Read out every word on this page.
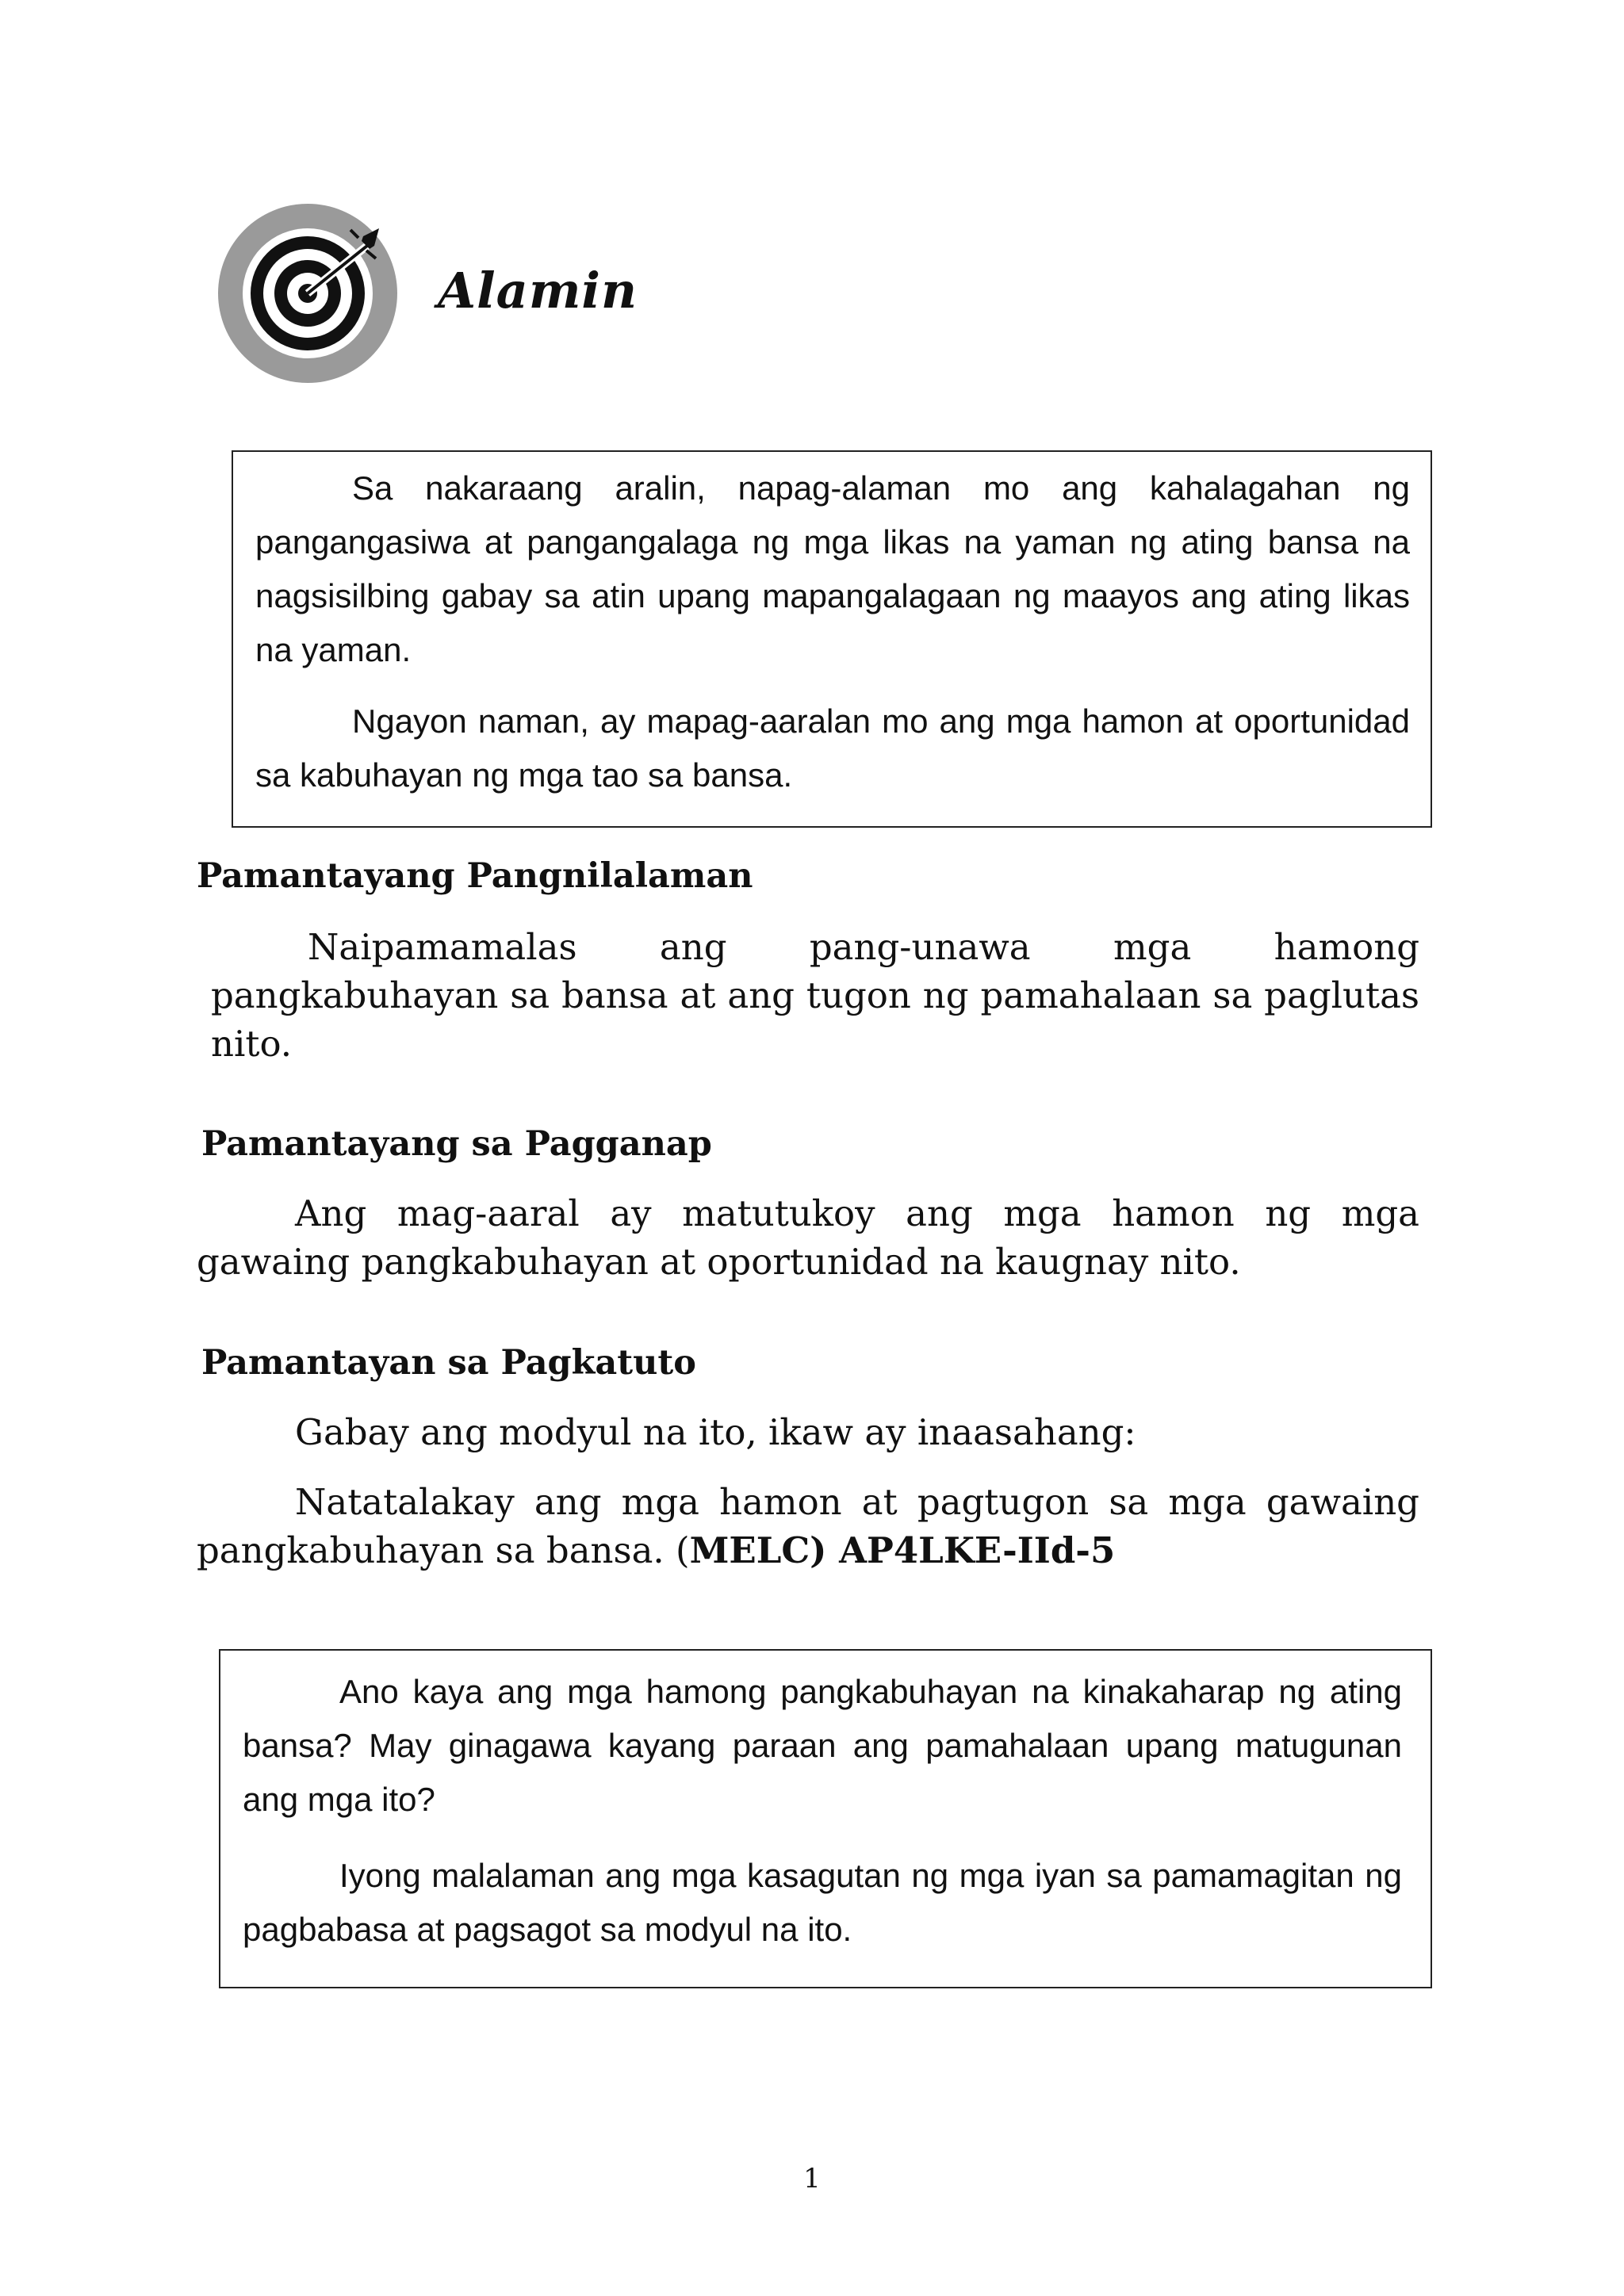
Alamin

Sa nakaraang aralin, napag-alaman mo ang kahalagahan ng pangangasiwa at pangangalaga ng mga likas na yaman ng ating bansa na nagsisilbing gabay sa atin upang mapangalagaan ng maayos ang ating likas na yaman.

Ngayon naman, ay mapag-aaralan mo ang mga hamon at oportunidad sa kabuhayan ng mga tao sa bansa.

Pamantayang Pangnilalaman

Naipamamalas ang pang-unawa mga hamong pangkabuhayan sa bansa at ang tugon ng pamahalaan sa paglutas nito.

Pamantayang sa Pagganap

Ang mag-aaral ay matutukoy ang mga hamon ng mga gawaing pangkabuhayan at oportunidad na kaugnay nito.

Pamantayan sa Pagkatuto

Gabay ang modyul na ito, ikaw ay inaasahang:

Natatalakay ang mga hamon at pagtugon sa mga gawaing pangkabuhayan sa bansa. (MELC) AP4LKE-IId-5

Ano kaya ang mga hamong pangkabuhayan na kinakaharap ng ating bansa? May ginagawa kayang paraan ang pamahalaan upang matugunan ang mga ito?

Iyong malalaman ang mga kasagutan ng mga iyan sa pamamagitan ng pagbabasa at pagsagot sa modyul na ito.

1
